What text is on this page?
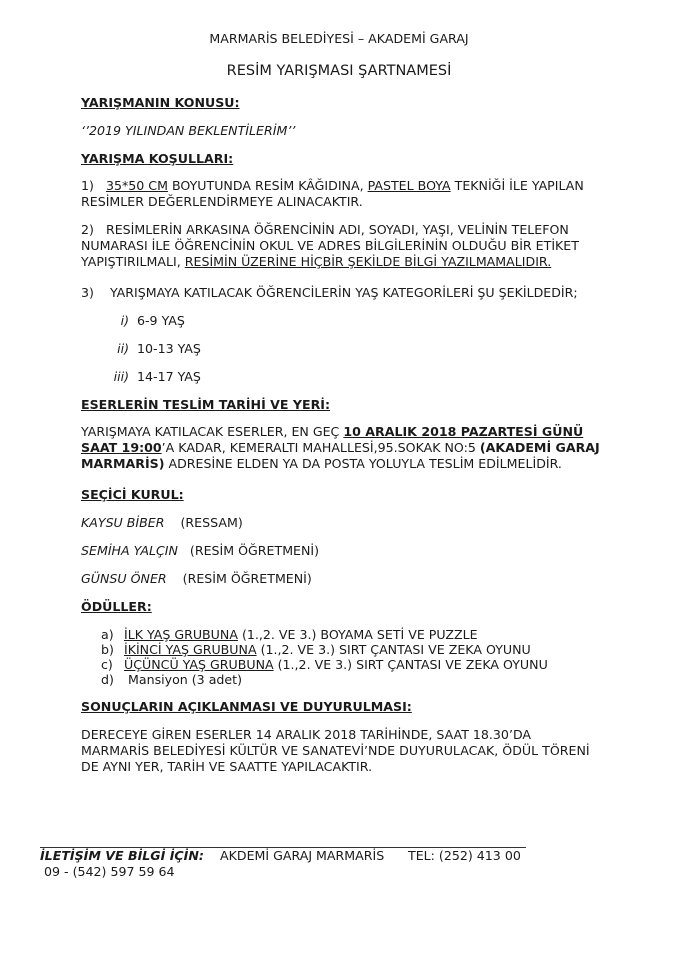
MARMARİS BELEDİYESİ – AKADEMİ GARAJ
RESİM YARIŞMASI ŞARTNAMESİ
YARIŞMANIN KONUSU:
‘’2019 YILINDAN BEKLENTİLERİM’’
YARIŞMA KOŞULLARI:
1) 35*50 CM BOYUTUNDA RESİM KÂĞIDINA, PASTEL BOYA TEKNİĞİ İLE YAPILAN RESİMLER DEĞERLENDİRMEYE ALINACAKTIR.
2) RESİMLERİN ARKASINA ÖĞRENCİNİN ADI, SOYADI, YAŞI, VELİNİN TELEFON NUMARASI İLE ÖĞRENCİNİN OKUL VE ADRES BİLGİLERİNİN OLDUĞU BİR ETİKET YAPIŞTIRILMALI, RESİMİN ÜZERİNE HİÇBİR ŞEKİLDE BİLGİ YAZILMAMALIDIR.
3) YARIŞMAYA KATILACAK ÖĞRENCİLERİN YAŞ KATEGORİLERİ ŞU ŞEKİLDEDİR;
i) 6-9 YAŞ
ii) 10-13 YAŞ
iii) 14-17 YAŞ
ESERLERİN TESLİM TARİHİ VE YERİ:
YARIŞMAYA KATILACAK ESERLER, EN GEÇ 10 ARALIK 2018 PAZARTESİ GÜNÜ SAAT 19:00’A KADAR, KEMERALTI MAHALLESİ,95.SOKAK NO:5 (AKADEMİ GARAJ MARMARİS) ADRESİNE ELDEN YA DA POSTA YOLUYLA TESLİM EDİLMELİDİR.
SEÇİCİ KURUL:
KAYSU BİBER (RESSAM)
SEMİHA YALÇIN (RESİM ÖĞRETMENİ)
GÜNSU ÖNER (RESİM ÖĞRETMENİ)
ÖDÜLLER:
a) İLK YAŞ GRUBUNA (1.,2. VE 3.) BOYAMA SETİ VE PUZZLE
b) İKİNCİ YAŞ GRUBUNA (1.,2. VE 3.) SIRT ÇANTASI VE ZEKA OYUNU
c) ÜÇÜNCÜ YAŞ GRUBUNA (1.,2. VE 3.) SIRT ÇANTASI VE ZEKA OYUNU
d) Mansiyon (3 adet)
SONUÇLARIN AÇIKLANMASI VE DUYURULMASI:
DERECEYE GİREN ESERLER 14 ARALIK 2018 TARİHİNDE, SAAT 18.30’DA MARMARİS BELEDİYESİ KÜLTÜR VE SANATEVİ’NDE DUYURULACAK, ÖDÜL TÖRENİ DE AYNI YER, TARİH VE SAATTE YAPILACAKTIR.
İLETİŞİM VE BİLGİ İÇİN: AKDEMİ GARAJ MARMARİS TEL: (252) 413 00
09 - (542) 597 59 64
